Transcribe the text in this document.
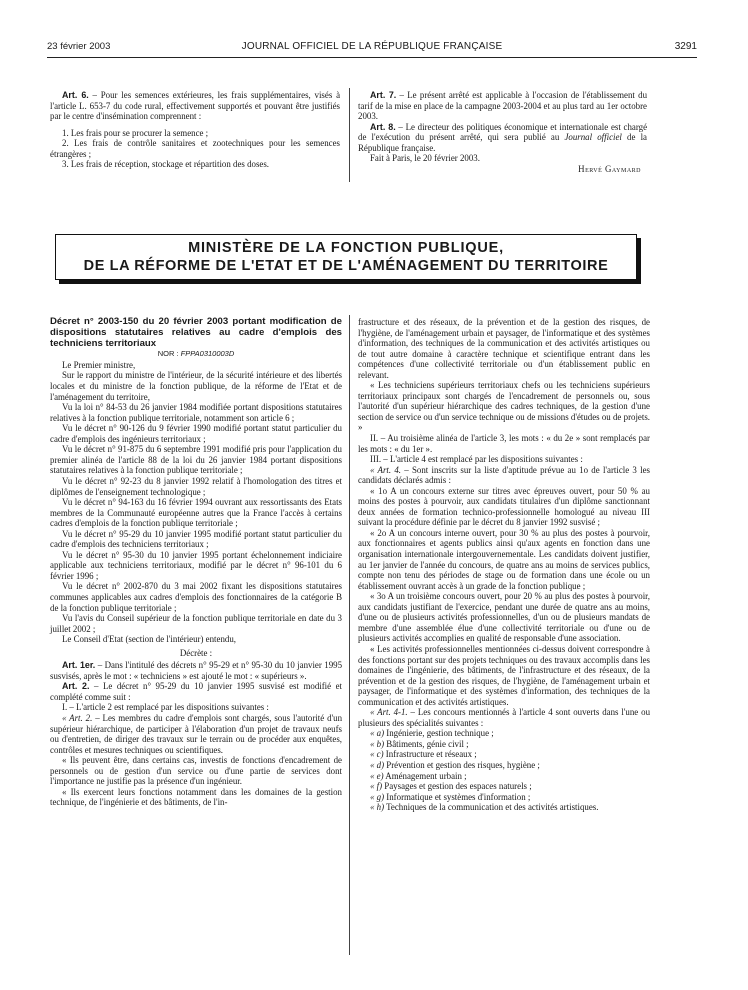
23 février 2003	JOURNAL OFFICIEL DE LA RÉPUBLIQUE FRANÇAISE	3291

Art. 6. – Pour les semences extérieures, les frais supplémentaires, visés à l'article L. 653-7 du code rural, effectivement supportés et pouvant être justifiés par le centre d'insémination comprennent :

1. Les frais pour se procurer la semence ;

2. Les frais de contrôle sanitaires et zootechniques pour les semences étrangères ;

3. Les frais de réception, stockage et répartition des doses.

Art. 7. – Le présent arrêté est applicable à l'occasion de l'établissement du tarif de la mise en place de la campagne 2003-2004 et au plus tard au 1er octobre 2003.

Art. 8. – Le directeur des politiques économique et internationale est chargé de l'exécution du présent arrêté, qui sera publié au Journal officiel de la République française.

Fait à Paris, le 20 février 2003.

Hervé Gaymard

MINISTÈRE DE LA FONCTION PUBLIQUE,
DE LA RÉFORME DE L'ETAT ET DE L'AMÉNAGEMENT DU TERRITOIRE

Décret n° 2003-150 du 20 février 2003 portant modification de dispositions statutaires relatives au cadre d'emplois des techniciens territoriaux

NOR : FPPA0310003D

Le Premier ministre,

Sur le rapport du ministre de l'intérieur, de la sécurité intérieure et des libertés locales et du ministre de la fonction publique, de la réforme de l'Etat et de l'aménagement du territoire,

Vu la loi n° 84-53 du 26 janvier 1984 modifiée portant dispositions statutaires relatives à la fonction publique territoriale, notamment son article 6 ;

Vu le décret n° 90-126 du 9 février 1990 modifié portant statut particulier du cadre d'emplois des ingénieurs territoriaux ;

Vu le décret n° 91-875 du 6 septembre 1991 modifié pris pour l'application du premier alinéa de l'article 88 de la loi du 26 janvier 1984 portant dispositions statutaires relatives à la fonction publique territoriale ;

Vu le décret n° 92-23 du 8 janvier 1992 relatif à l'homologation des titres et diplômes de l'enseignement technologique ;

Vu le décret n° 94-163 du 16 février 1994 ouvrant aux ressortissants des Etats membres de la Communauté européenne autres que la France l'accès à certains cadres d'emplois de la fonction publique territoriale ;

Vu le décret n° 95-29 du 10 janvier 1995 modifié portant statut particulier du cadre d'emplois des techniciens territoriaux ;

Vu le décret n° 95-30 du 10 janvier 1995 portant échelonnement indiciaire applicable aux techniciens territoriaux, modifié par le décret n° 96-101 du 6 février 1996 ;

Vu le décret n° 2002-870 du 3 mai 2002 fixant les dispositions statutaires communes applicables aux cadres d'emplois des fonctionnaires de la catégorie B de la fonction publique territoriale ;

Vu l'avis du Conseil supérieur de la fonction publique territoriale en date du 3 juillet 2002 ;

Le Conseil d'Etat (section de l'intérieur) entendu,

Décrète :

Art. 1er. – Dans l'intitulé des décrets n° 95-29 et n° 95-30 du 10 janvier 1995 susvisés, après le mot : « techniciens » est ajouté le mot : « supérieurs ».

Art. 2. – Le décret n° 95-29 du 10 janvier 1995 susvisé est modifié et complété comme suit :

I. – L'article 2 est remplacé par les dispositions suivantes :

« Art. 2. – Les membres du cadre d'emplois sont chargés, sous l'autorité d'un supérieur hiérarchique, de participer à l'élaboration d'un projet de travaux neufs ou d'entretien, de diriger des travaux sur le terrain ou de procéder aux enquêtes, contrôles et mesures techniques ou scientifiques.

« Ils peuvent être, dans certains cas, investis de fonctions d'encadrement de personnels ou de gestion d'un service ou d'une partie de services dont l'importance ne justifie pas la présence d'un ingénieur.

« Ils exercent leurs fonctions notamment dans les domaines de la gestion technique, de l'ingénierie et des bâtiments, de l'in-

frastructure et des réseaux, de la prévention et de la gestion des risques, de l'hygiène, de l'aménagement urbain et paysager, de l'informatique et des systèmes d'information, des techniques de la communication et des activités artistiques ou de tout autre domaine à caractère technique et scientifique entrant dans les compétences d'une collectivité territoriale ou d'un établissement public en relevant.

« Les techniciens supérieurs territoriaux chefs ou les techniciens supérieurs territoriaux principaux sont chargés de l'encadrement de personnels ou, sous l'autorité d'un supérieur hiérarchique des cadres techniques, de la gestion d'une section de service ou d'un service technique ou de missions d'études ou de projets. »

II. – Au troisième alinéa de l'article 3, les mots : « du 2e » sont remplacés par les mots : « du 1er ».

III. – L'article 4 est remplacé par les dispositions suivantes :

« Art. 4. – Sont inscrits sur la liste d'aptitude prévue au 1o de l'article 3 les candidats déclarés admis :

« 1o A un concours externe sur titres avec épreuves ouvert, pour 50 % au moins des postes à pourvoir, aux candidats titulaires d'un diplôme sanctionnant deux années de formation technico-professionnelle homologué au niveau III suivant la procédure définie par le décret du 8 janvier 1992 susvisé ;

« 2o A un concours interne ouvert, pour 30 % au plus des postes à pourvoir, aux fonctionnaires et agents publics ainsi qu'aux agents en fonction dans une organisation internationale intergouvernementale. Les candidats doivent justifier, au 1er janvier de l'année du concours, de quatre ans au moins de services publics, compte non tenu des périodes de stage ou de formation dans une école ou un établissement ouvrant accès à un grade de la fonction publique ;

« 3o A un troisième concours ouvert, pour 20 % au plus des postes à pourvoir, aux candidats justifiant de l'exercice, pendant une durée de quatre ans au moins, d'une ou de plusieurs activités professionnelles, d'un ou de plusieurs mandats de membre d'une assemblée élue d'une collectivité territoriale ou d'une ou de plusieurs activités accomplies en qualité de responsable d'une association.

« Les activités professionnelles mentionnées ci-dessus doivent correspondre à des fonctions portant sur des projets techniques ou des travaux accomplis dans les domaines de l'ingénierie, des bâtiments, de l'infrastructure et des réseaux, de la prévention et de la gestion des risques, de l'hygiène, de l'aménagement urbain et paysager, de l'informatique et des systèmes d'information, des techniques de la communication et des activités artistiques.

« Art. 4-1. – Les concours mentionnés à l'article 4 sont ouverts dans l'une ou plusieurs des spécialités suivantes :

« a) Ingénierie, gestion technique ;

« b) Bâtiments, génie civil ;

« c) Infrastructure et réseaux ;

« d) Prévention et gestion des risques, hygiène ;

« e) Aménagement urbain ;

« f) Paysages et gestion des espaces naturels ;

« g) Informatique et systèmes d'information ;

« h) Techniques de la communication et des activités artistiques.
